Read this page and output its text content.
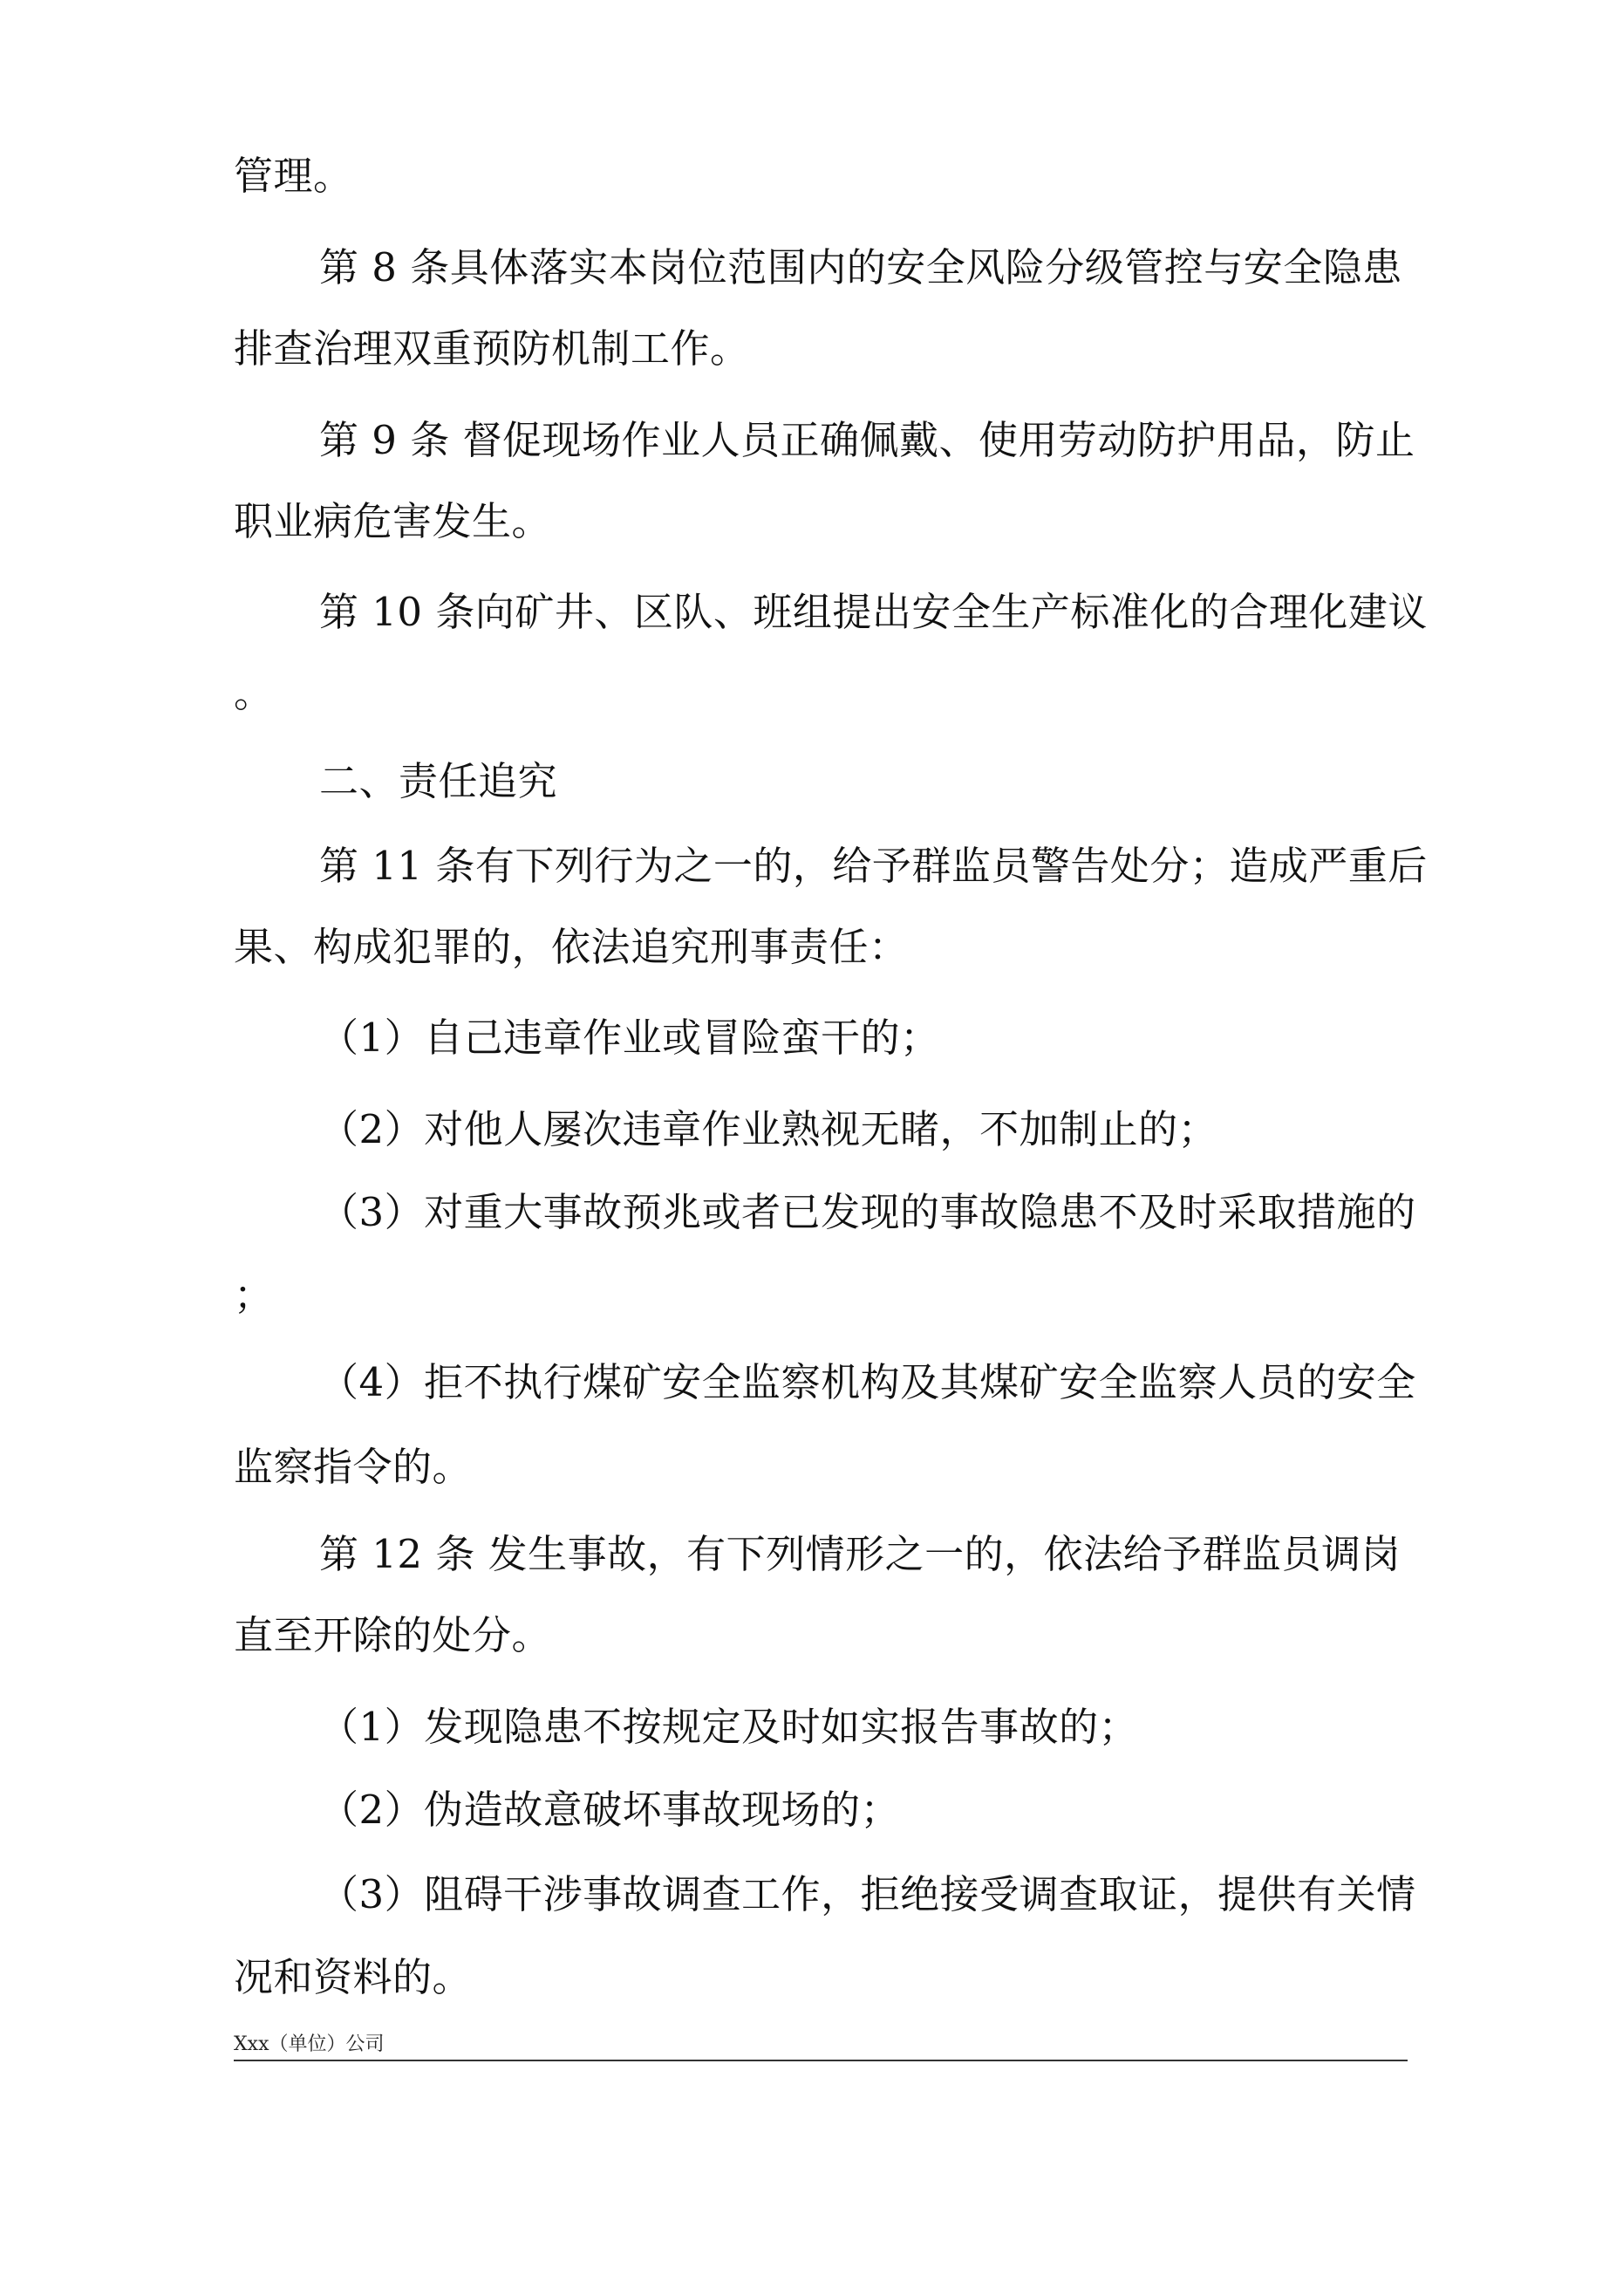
管理。

第 8 条具体落实本岗位范围内的安全风险分级管控与安全隐患

排查治理双重预防机制工作。

第 9 条 督促现场作业人员正确佩戴、使用劳动防护用品，防止

职业病危害发生。

第 10 条向矿井、区队、班组提出安全生产标准化的合理化建议

。

二、责任追究

第 11 条有下列行为之一的，给予群监员警告处分；造成严重后

果、构成犯罪的，依法追究刑事责任：

（1）自己违章作业或冒险蛮干的；

（2）对他人屡次违章作业熟视无睹，不加制止的；

（3）对重大事故预兆或者已发现的事故隐患不及时采取措施的

；

（4）拒不执行煤矿安全监察机构及其煤矿安全监察人员的安全

监察指令的。

第 12 条 发生事故，有下列情形之一的，依法给予群监员调岗

直至开除的处分。

（1）发现隐患不按规定及时如实报告事故的；

（2）伪造故意破坏事故现场的；

（3）阻碍干涉事故调查工作，拒绝接受调查取证，提供有关情

况和资料的。

Xxx（单位）公司
